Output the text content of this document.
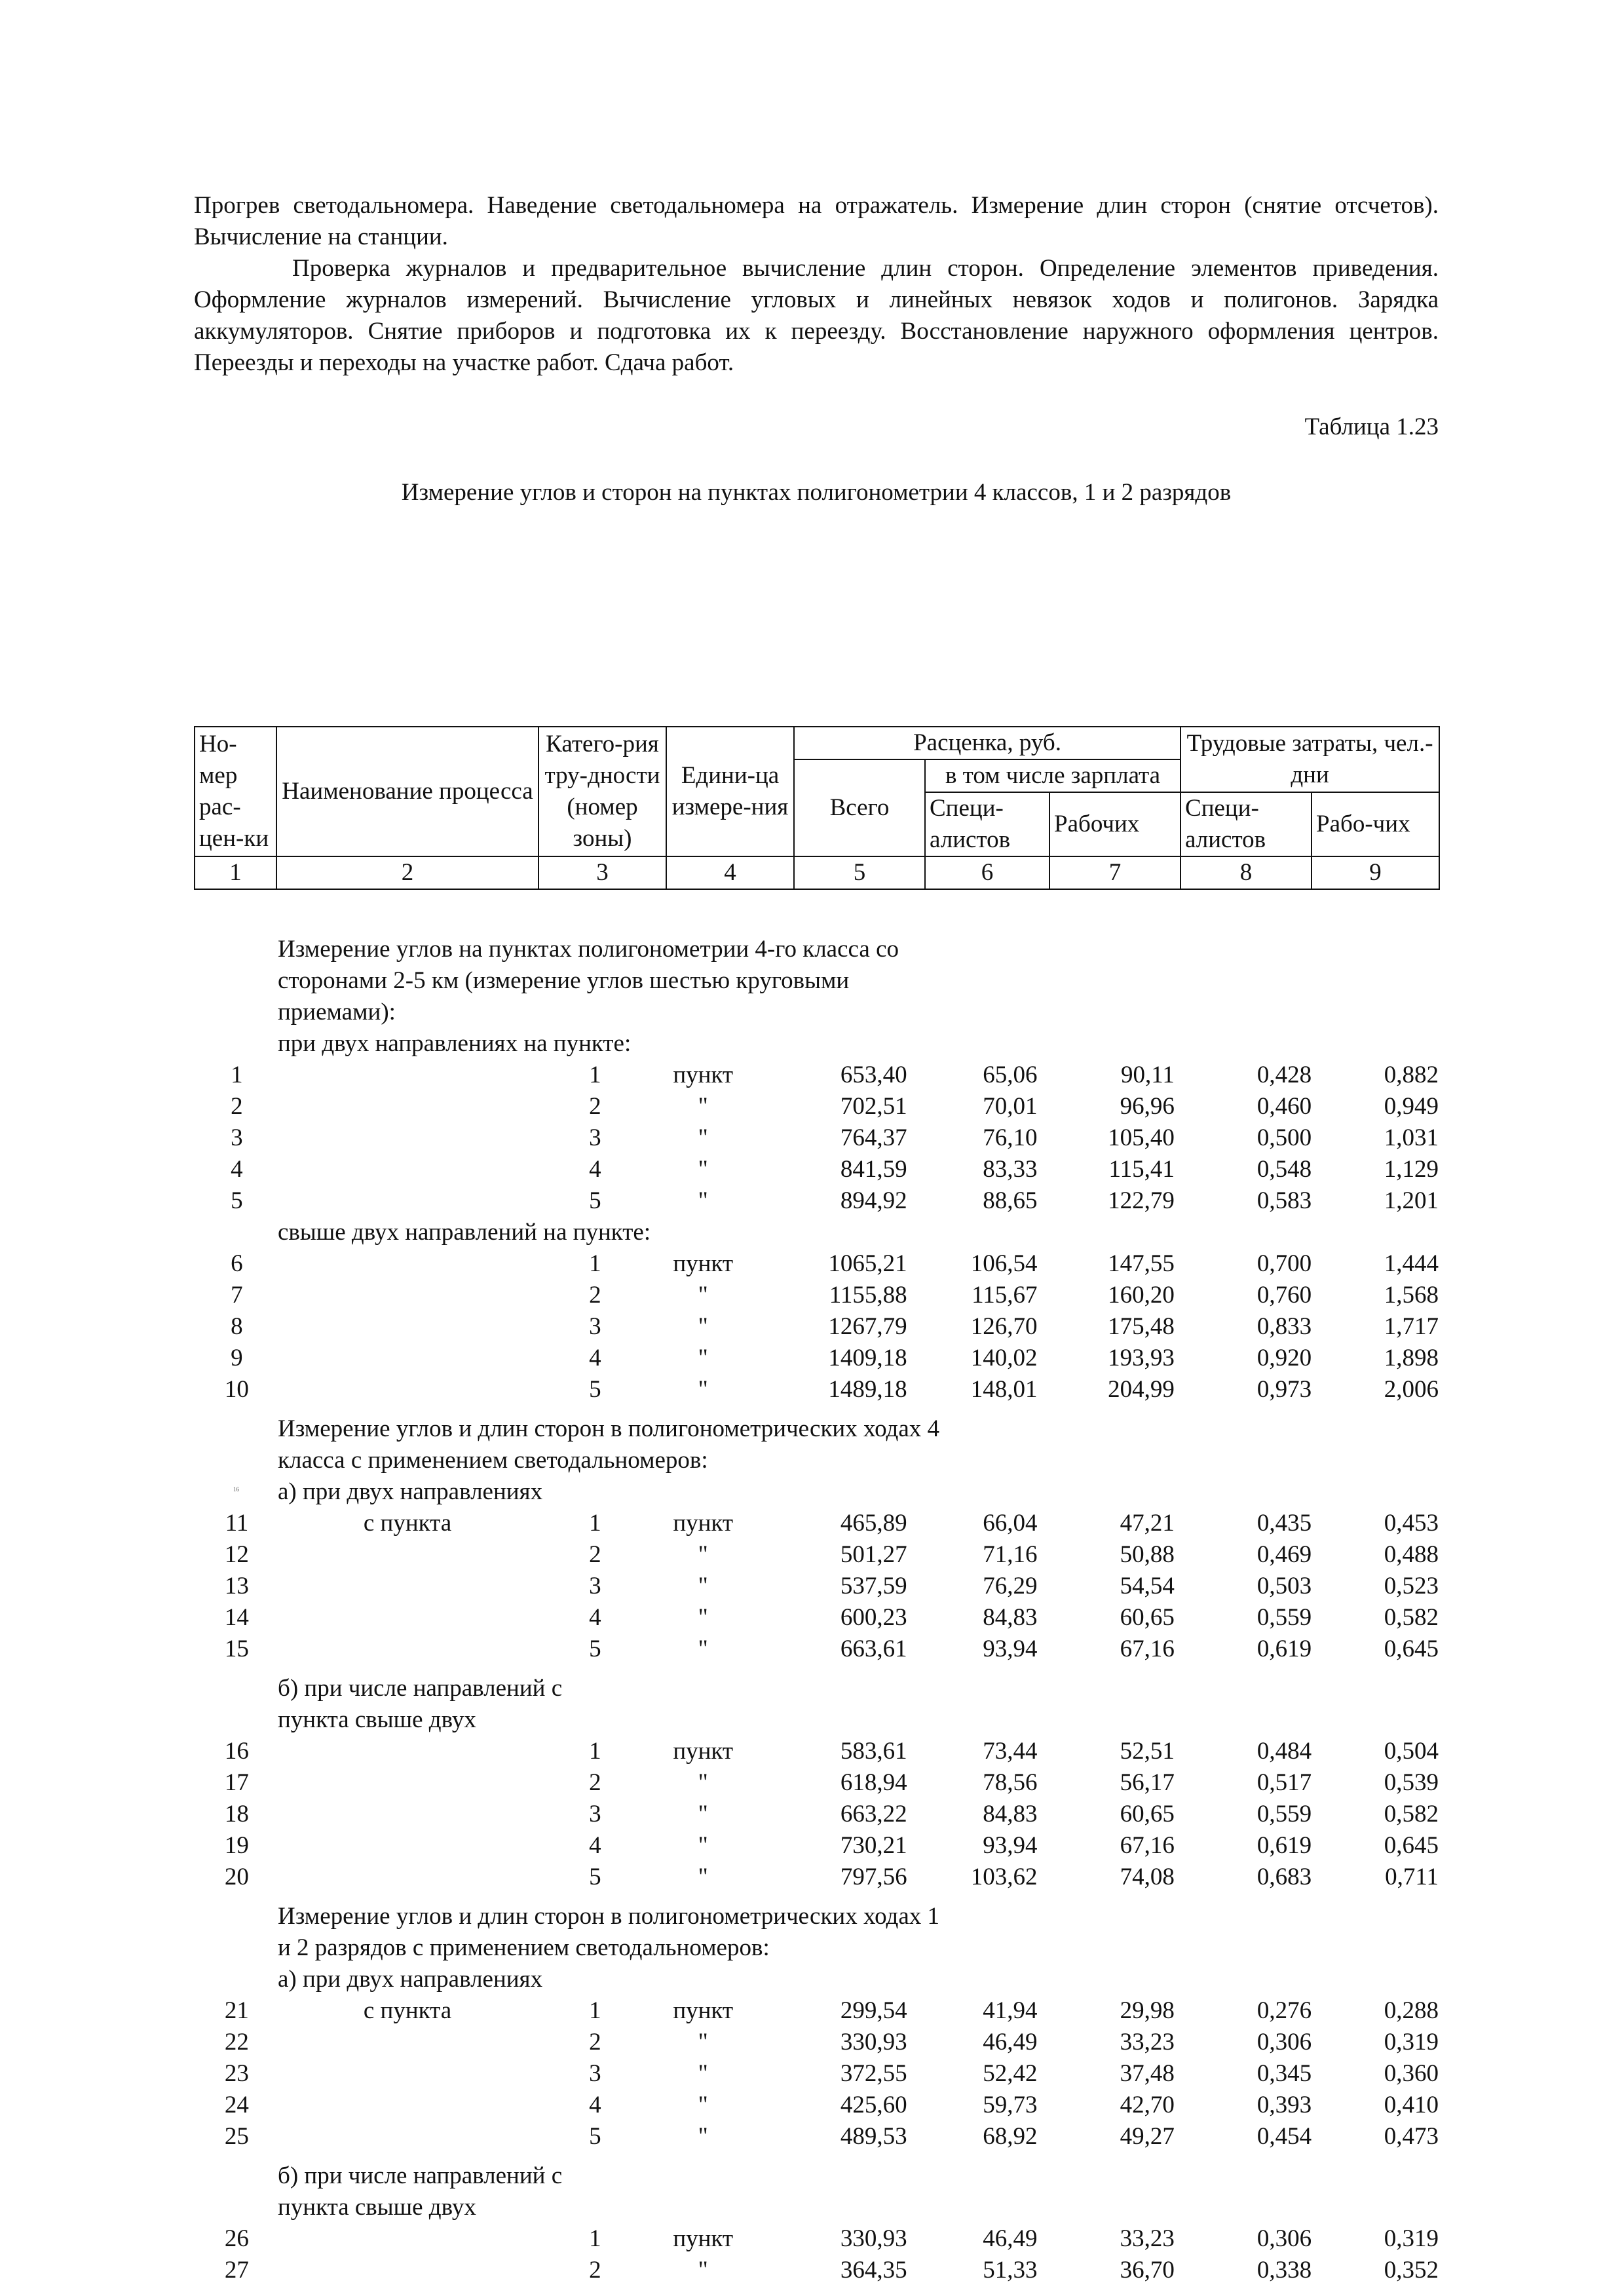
Прогрев светодальномера. Наведение светодальномера на отражатель. Измерение длин сторон (снятие отсчетов). Вычисление на станции.

Проверка журналов и предварительное вычисление длин сторон. Определение элементов приведения. Оформление журналов измерений. Вычисление угловых и линейных невязок ходов и полигонов. Зарядка аккумуляторов. Снятие приборов и подготовка их к переезду. Восстановление наружного оформления центров. Переезды и переходы на участке работ. Сдача работ.

Таблица 1.23
Измерение углов и сторон на пунктах полигонометрии 4 классов, 1 и 2 разрядов
Но-мер рас-цен-ки	Наименование процесса	Катего-рия тру-дности (номер зоны)	Едини-ца измере-ния	Расценка, руб.			Трудовые затраты, чел.-дни	
				Всего	в том числе зарплата			
					Специ-алистов	Рабочих	Специ-алистов	Рабо-чих
1	2	3	4	5	6	7	8	9
Измерение углов на пунктах полигонометрии 4-го класса со сторонами 2-5 км (измерение углов шестью круговыми приемами):								

при двух направлениях на пункте:								

1		1	пункт	653,40	65,06	90,11	0,428	0,882
2		2	"	702,51	70,01	96,96	0,460	0,949
3		3	"	764,37	76,10	105,40	0,500	1,031
4		4	"	841,59	83,33	115,41	0,548	1,129
5		5	"	894,92	88,65	122,79	0,583	1,201

свыше двух направлений на пункте:								

6		1	пункт	1065,21	106,54	147,55	0,700	1,444
7		2	"	1155,88	115,67	160,20	0,760	1,568
8		3	"	1267,79	126,70	175,48	0,833	1,717
9		4	"	1409,18	140,02	193,93	0,920	1,898
10		5	"	1489,18	148,01	204,99	0,973	2,006

Измерение углов и длин сторон в полигонометрических ходах 4 класса с применением светодальномеров:								

а) при двух направлениях								

11	с пункта	1	пункт	465,89	66,04	47,21	0,435	0,453
12		2	"	501,27	71,16	50,88	0,469	0,488
13		3	"	537,59	76,29	54,54	0,503	0,523
14		4	"	600,23	84,83	60,65	0,559	0,582
15		5	"	663,61	93,94	67,16	0,619	0,645

б) при числе направлений с								

пункта свыше двух								

16		1	пункт	583,61	73,44	52,51	0,484	0,504
17		2	"	618,94	78,56	56,17	0,517	0,539
18		3	"	663,22	84,83	60,65	0,559	0,582
19		4	"	730,21	93,94	67,16	0,619	0,645
20		5	"	797,56	103,62	74,08	0,683	0,711

Измерение углов и длин сторон в полигонометрических ходах 1 и 2 разрядов с применением светодальномеров:								

а) при двух направлениях								

21	с пункта	1	пункт	299,54	41,94	29,98	0,276	0,288
22		2	"	330,93	46,49	33,23	0,306	0,319
23		3	"	372,55	52,42	37,48	0,345	0,360
24		4	"	425,60	59,73	42,70	0,393	0,410
25		5	"	489,53	68,92	49,27	0,454	0,473

б) при числе направлений с								

пункта свыше двух								

26		1	пункт	330,93	46,49	33,23	0,306	0,319
27		2	"	364,35	51,33	36,70	0,338	0,352
16
